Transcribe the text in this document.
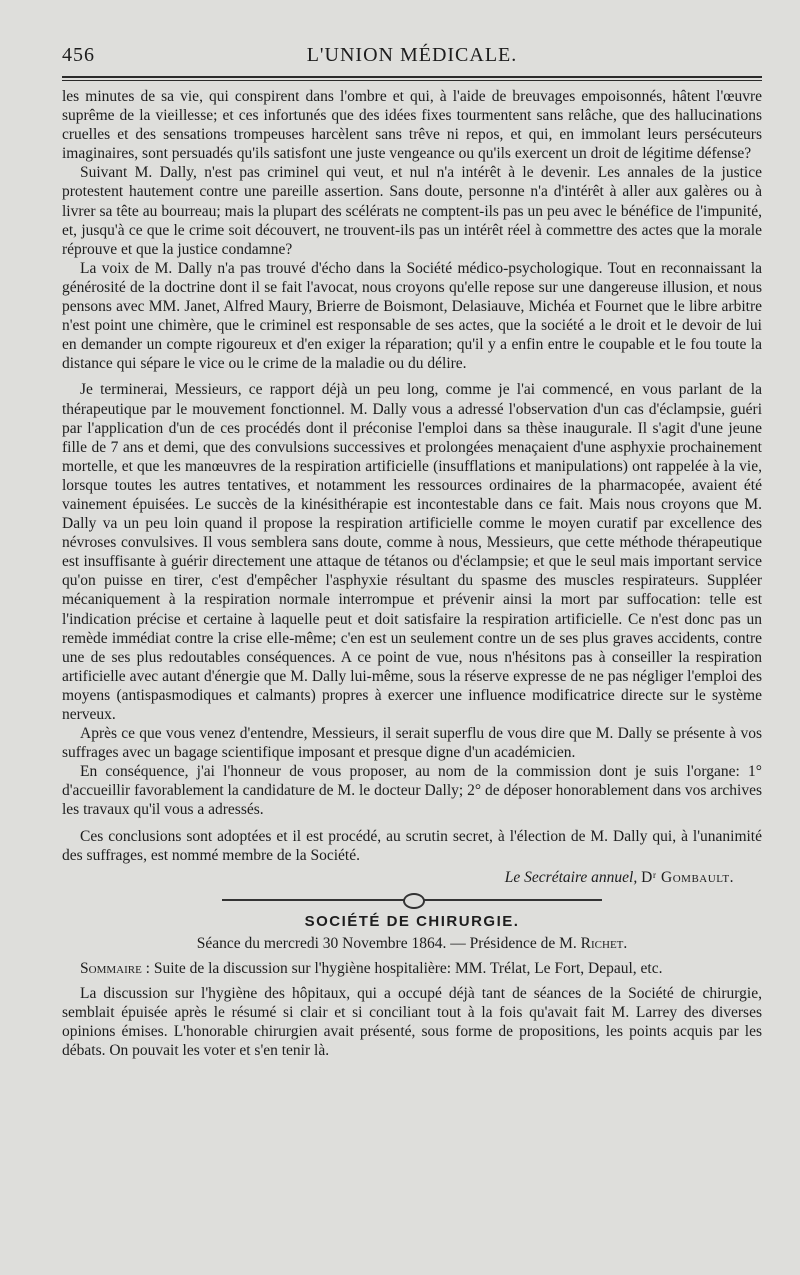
456	L'UNION MÉDICALE.

les minutes de sa vie, qui conspirent dans l'ombre et qui, à l'aide de breuvages empoisonnés, hâtent l'œuvre suprême de la vieillesse; et ces infortunés que des idées fixes tourmentent sans relâche, que des hallucinations cruelles et des sensations trompeuses harcèlent sans trêve ni repos, et qui, en immolant leurs persécuteurs imaginaires, sont persuadés qu'ils satisfont une juste vengeance ou qu'ils exercent un droit de légitime défense?

Suivant M. Dally, n'est pas criminel qui veut, et nul n'a intérêt à le devenir. Les annales de la justice protestent hautement contre une pareille assertion. Sans doute, personne n'a d'intérêt à aller aux galères ou à livrer sa tête au bourreau; mais la plupart des scélérats ne comptent-ils pas un peu avec le bénéfice de l'impunité, et, jusqu'à ce que le crime soit découvert, ne trouvent-ils pas un intérêt réel à commettre des actes que la morale réprouve et que la justice condamne?

La voix de M. Dally n'a pas trouvé d'écho dans la Société médico-psychologique. Tout en reconnaissant la générosité de la doctrine dont il se fait l'avocat, nous croyons qu'elle repose sur une dangereuse illusion, et nous pensons avec MM. Janet, Alfred Maury, Brierre de Boismont, Delasiauve, Michéa et Fournet que le libre arbitre n'est point une chimère, que le criminel est responsable de ses actes, que la société a le droit et le devoir de lui en demander un compte rigoureux et d'en exiger la réparation; qu'il y a enfin entre le coupable et le fou toute la distance qui sépare le vice ou le crime de la maladie ou du délire.

Je terminerai, Messieurs, ce rapport déjà un peu long, comme je l'ai commencé, en vous parlant de la thérapeutique par le mouvement fonctionnel. M. Dally vous a adressé l'observation d'un cas d'éclampsie, guéri par l'application d'un de ces procédés dont il préconise l'emploi dans sa thèse inaugurale. Il s'agit d'une jeune fille de 7 ans et demi, que des convulsions successives et prolongées menaçaient d'une asphyxie prochainement mortelle, et que les manœuvres de la respiration artificielle (insufflations et manipulations) ont rappelée à la vie, lorsque toutes les autres tentatives, et notamment les ressources ordinaires de la pharmacopée, avaient été vainement épuisées. Le succès de la kinésithérapie est incontestable dans ce fait. Mais nous croyons que M. Dally va un peu loin quand il propose la respiration artificielle comme le moyen curatif par excellence des névroses convulsives. Il vous semblera sans doute, comme à nous, Messieurs, que cette méthode thérapeutique est insuffisante à guérir directement une attaque de tétanos ou d'éclampsie; et que le seul mais important service qu'on puisse en tirer, c'est d'empêcher l'asphyxie résultant du spasme des muscles respirateurs. Suppléer mécaniquement à la respiration normale interrompue et prévenir ainsi la mort par suffocation: telle est l'indication précise et certaine à laquelle peut et doit satisfaire la respiration artificielle. Ce n'est donc pas un remède immédiat contre la crise elle-même; c'en est un seulement contre un de ses plus graves accidents, contre une de ses plus redoutables conséquences. A ce point de vue, nous n'hésitons pas à conseiller la respiration artificielle avec autant d'énergie que M. Dally lui-même, sous la réserve expresse de ne pas négliger l'emploi des moyens (antispasmodiques et calmants) propres à exercer une influence modificatrice directe sur le système nerveux.

Après ce que vous venez d'entendre, Messieurs, il serait superflu de vous dire que M. Dally se présente à vos suffrages avec un bagage scientifique imposant et presque digne d'un académicien.

En conséquence, j'ai l'honneur de vous proposer, au nom de la commission dont je suis l'organe: 1° d'accueillir favorablement la candidature de M. le docteur Dally; 2° de déposer honorablement dans vos archives les travaux qu'il vous a adressés.

Ces conclusions sont adoptées et il est procédé, au scrutin secret, à l'élection de M. Dally qui, à l'unanimité des suffrages, est nommé membre de la Société.

Le Secrétaire annuel, Dʳ Gombault.
SOCIÉTÉ DE CHIRURGIE.
Séance du mercredi 30 Novembre 1864. — Présidence de M. Richet.
Sommaire : Suite de la discussion sur l'hygiène hospitalière: MM. Trélat, Le Fort, Depaul, etc.

La discussion sur l'hygiène des hôpitaux, qui a occupé déjà tant de séances de la Société de chirurgie, semblait épuisée après le résumé si clair et si conciliant tout à la fois qu'avait fait M. Larrey des diverses opinions émises. L'honorable chirurgien avait présenté, sous forme de propositions, les points acquis par les débats. On pouvait les voter et s'en tenir là.
